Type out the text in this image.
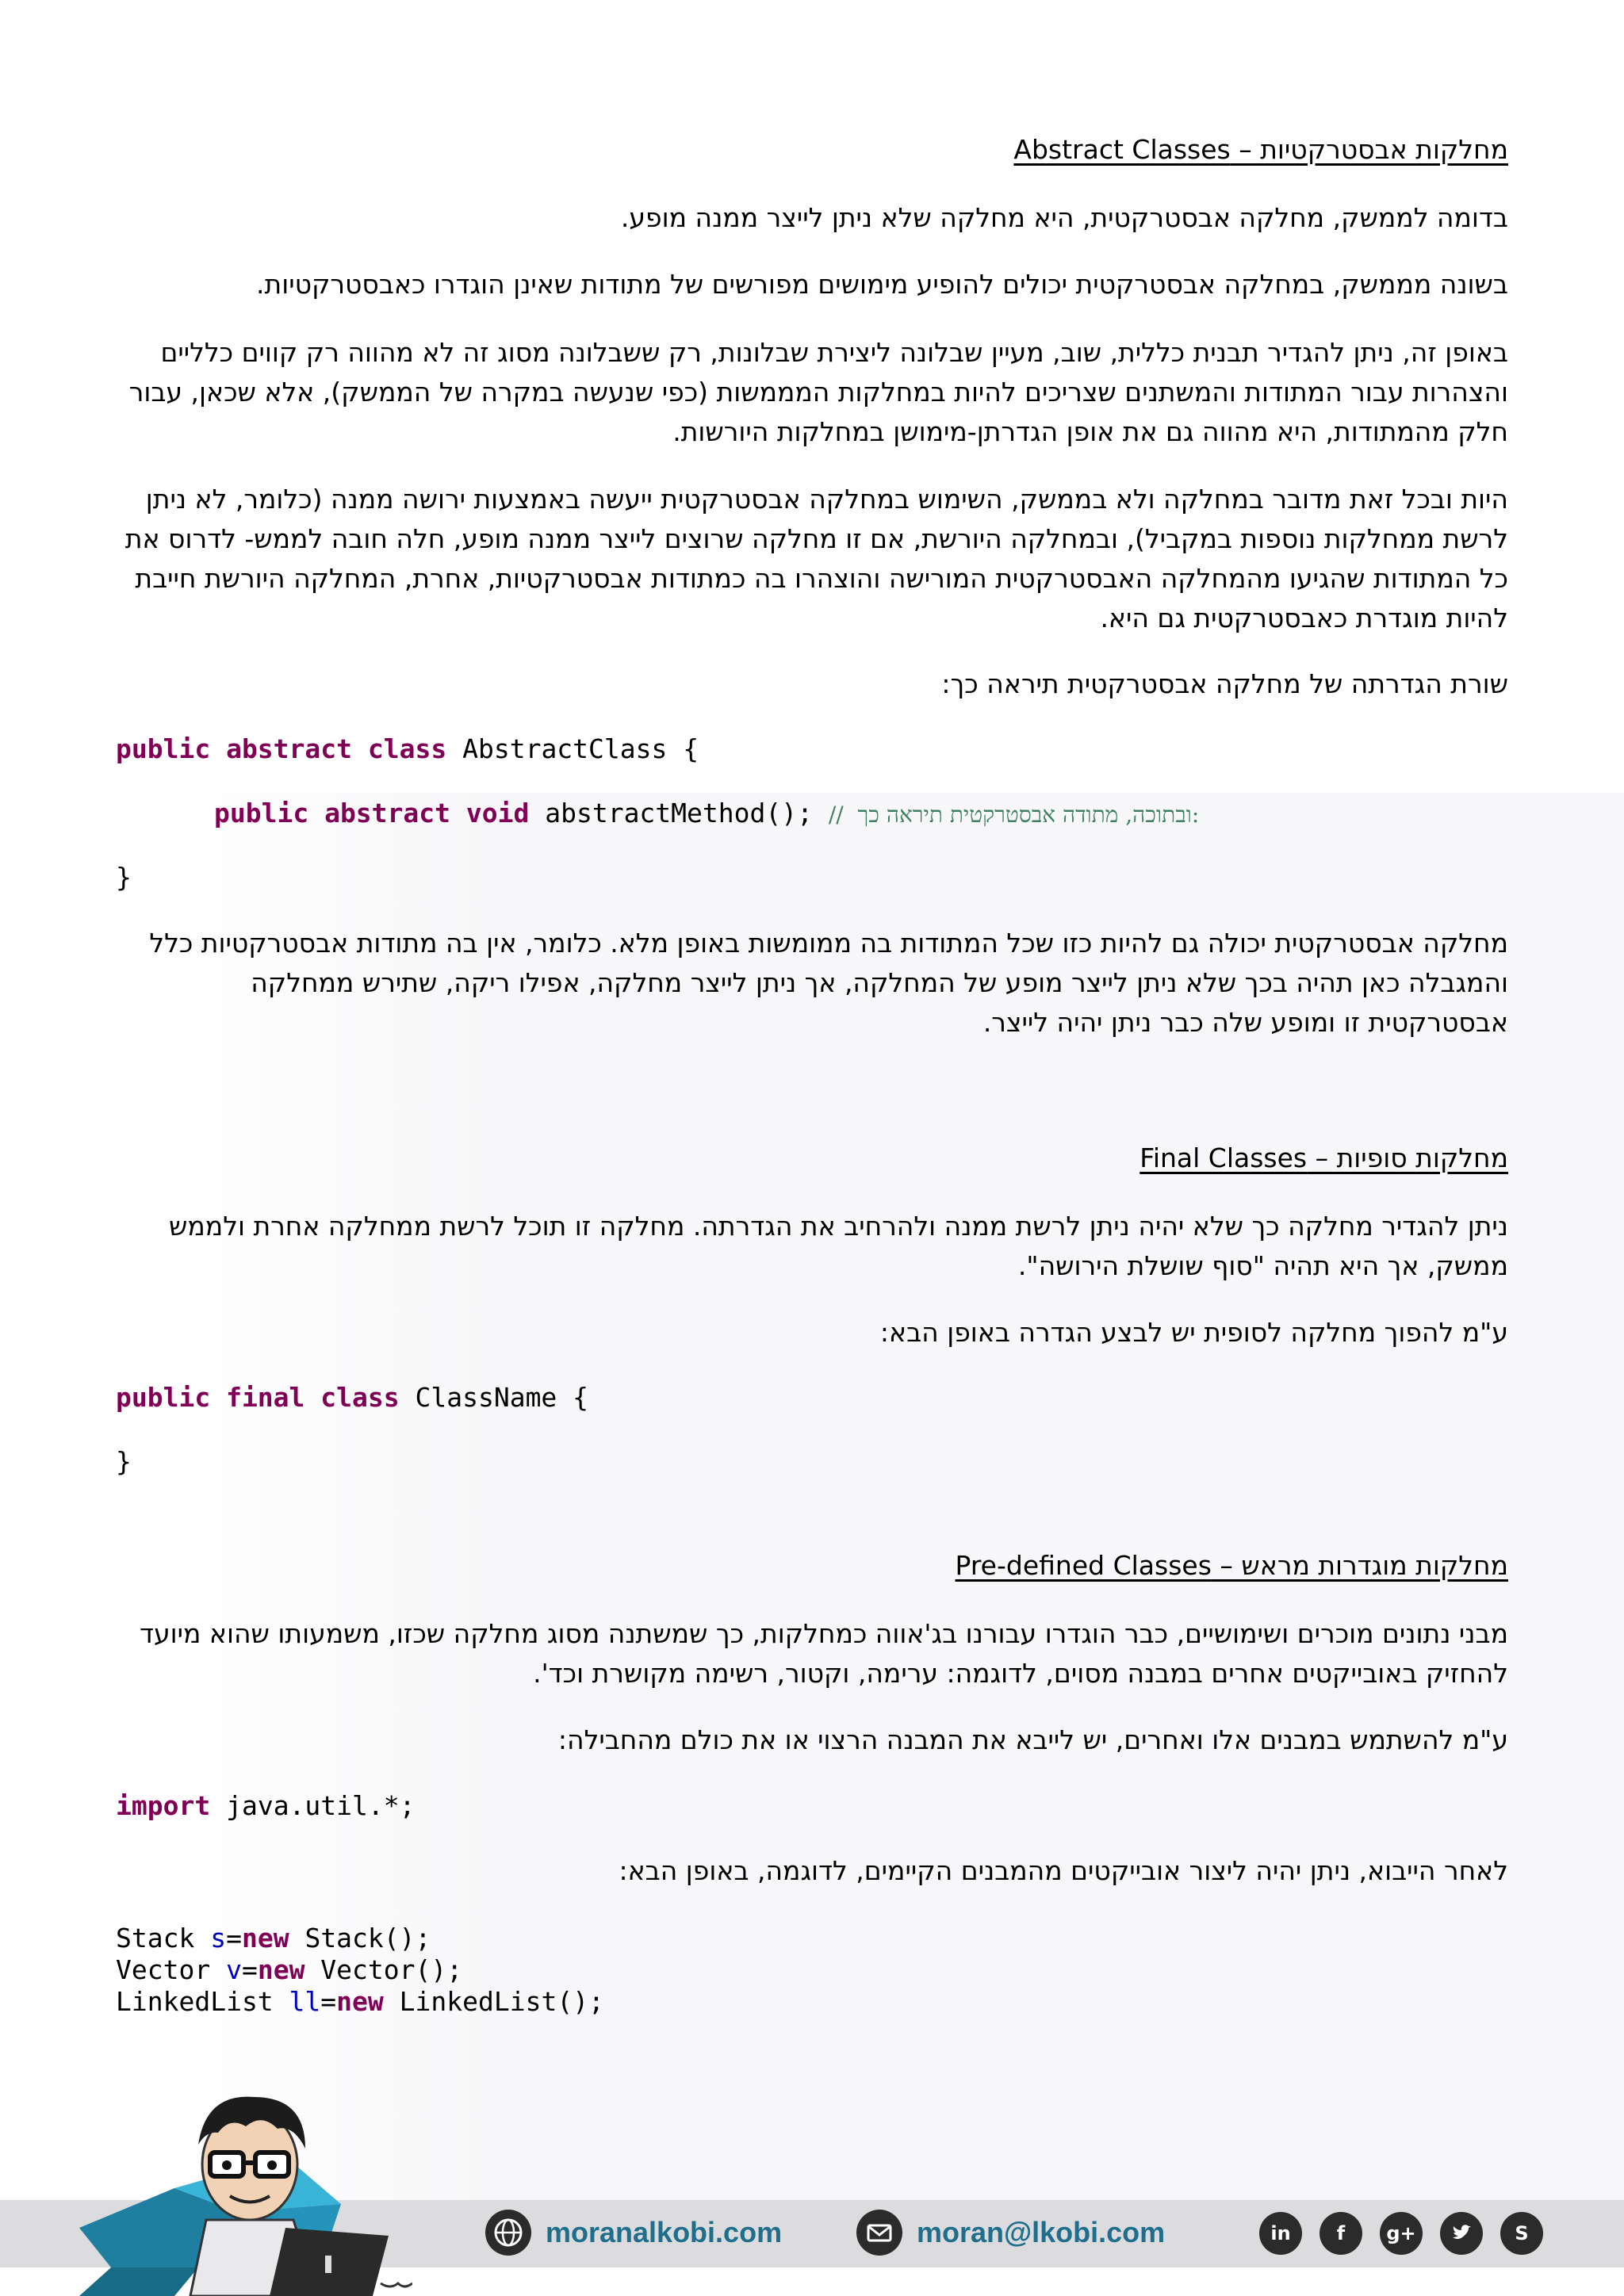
מחלקות אבסטרקטיות – Abstract Classes
בדומה לממשק, מחלקה אבסטרקטית, היא מחלקה שלא ניתן לייצר ממנה מופע.
בשונה מממשק, במחלקה אבסטרקטית יכולים להופיע מימושים מפורשים של מתודות שאינן הוגדרו כאבסטרקטיות.
באופן זה, ניתן להגדיר תבנית כללית, שוב, מעיין שבלונה ליצירת שבלונות, רק ששבלונה מסוג זה לא מהווה רק קווים כלליים והצהרות עבור המתודות והמשתנים שצריכים להיות במחלקות המממשות (כפי שנעשה במקרה של הממשק), אלא שכאן, עבור חלק מהמתודות, היא מהווה גם את אופן הגדרתן-מימושן במחלקות היורשות.
היות ובכל זאת מדובר במחלקה ולא בממשק, השימוש במחלקה אבסטרקטית ייעשה באמצעות ירושה ממנה (כלומר, לא ניתן לרשת ממחלקות נוספות במקביל), ובמחלקה היורשת, אם זו מחלקה שרוצים לייצר ממנה מופע, חלה חובה לממש- לדרוס את כל המתודות שהגיעו מהמחלקה האבסטרקטית המורישה והוצהרו בה כמתודות אבסטרקטיות, אחרת, המחלקה היורשת חייבת להיות מוגדרת כאבסטרקטית גם היא.
שורת הגדרתה של מחלקה אבסטרקטית תיראה כך:
public abstract class AbstractClass {
public abstract void abstractMethod(); //  ובתוכה, מתודה אבסטרקטית תיראה כך:
}
מחלקה אבסטרקטית יכולה גם להיות כזו שכל המתודות בה ממומשות באופן מלא. כלומר, אין בה מתודות אבסטרקטיות כלל והמגבלה כאן תהיה בכך שלא ניתן לייצר מופע של המחלקה, אך ניתן לייצר מחלקה, אפילו ריקה, שתירש ממחלקה אבסטרקטית זו ומופע שלה כבר ניתן יהיה לייצר.
מחלקות סופיות – Final Classes
ניתן להגדיר מחלקה כך שלא יהיה ניתן לרשת ממנה ולהרחיב את הגדרתה. מחלקה זו תוכל לרשת ממחלקה אחרת ולממש ממשק, אך היא תהיה "סוף שושלת הירושה".
ע"מ להפוך מחלקה לסופית יש לבצע הגדרה באופן הבא:
public final class ClassName {
}
מחלקות מוגדרות מראש – Pre-defined Classes
מבני נתונים מוכרים ושימושיים, כבר הוגדרו עבורנו בג'אווה כמחלקות, כך שמשתנה מסוג מחלקה שכזו, משמעותו שהוא מיועד להחזיק באובייקטים אחרים במבנה מסוים, לדוגמה: ערימה, וקטור, רשימה מקושרת וכד'.
ע"מ להשתמש במבנים אלו ואחרים, יש לייבא את המבנה הרצוי או את כולם מהחבילה:
import java.util.*;
לאחר הייבוא, ניתן יהיה ליצור אובייקטים מהמבנים הקיימים, לדוגמה, באופן הבא:
Stack s=new Stack();
Vector v=new Vector();
LinkedList ll=new LinkedList();
moranalkobi.com	moran@lkobi.com	in	f	g+	S
